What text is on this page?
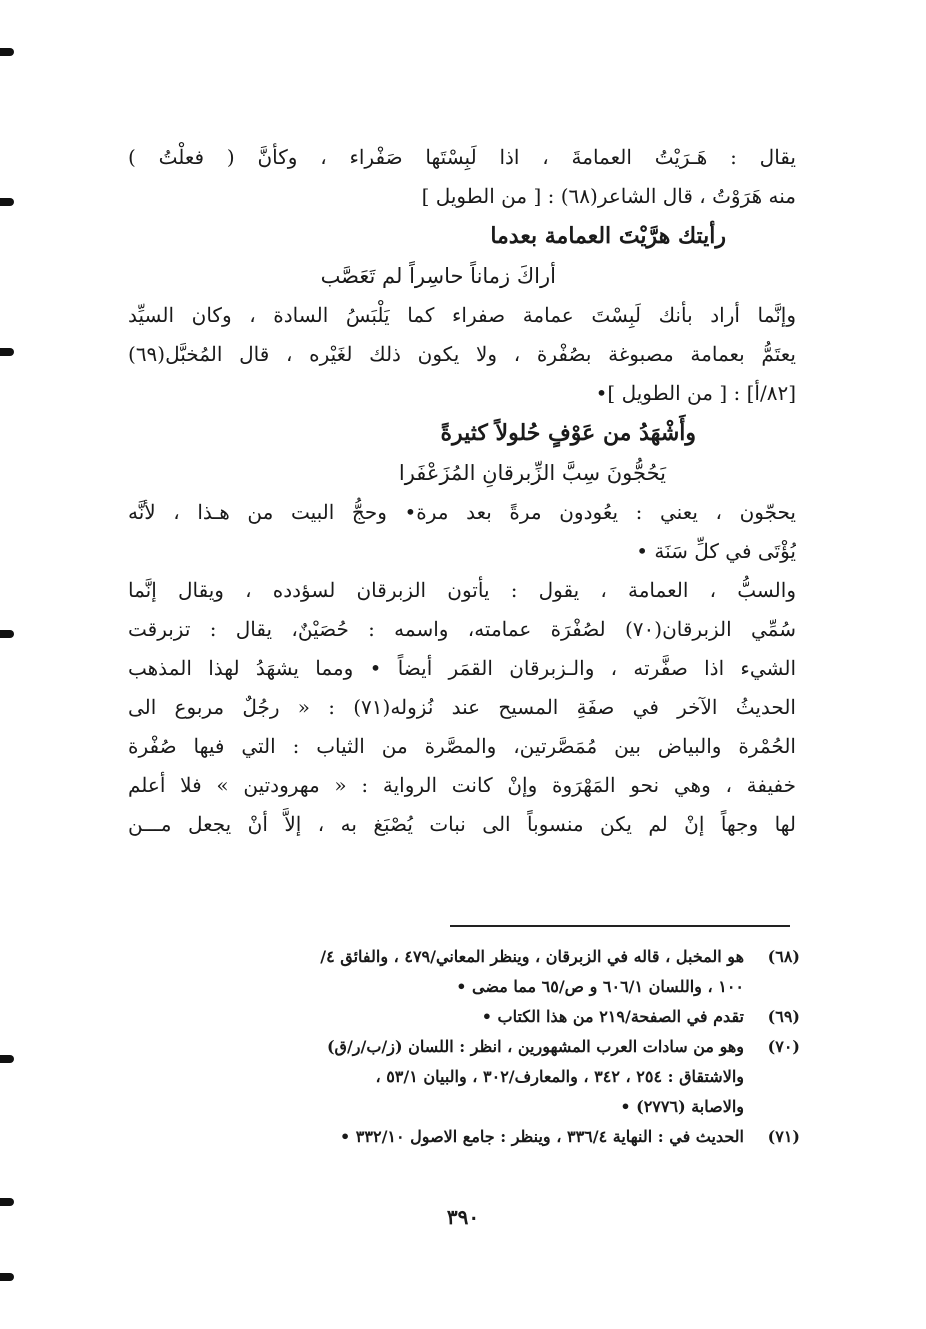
يقال : هَـرَيْتُ العمامةَ ، اذا لَبِسْتَها صَفْراء ، وكأنَّ ( فعلْتُ )
منه هَرَوْتُ ، قال الشاعر(٦٨) : [ من الطويل ]
رأيتك هرَّيْتَ العمامة بعدما
أراكَ زماناً حاسِراً لم تَعَصَّب
وإنَّما أراد بأنك لَبِسْتَ عمامة صفراء كما يَلْبَسُ السادة ، وكان السيِّد
يعتَمُّ بعمامة مصبوغة بصُفْرة ، ولا يكون ذلك لغَيْره ، قال المُخبَّل(٦٩)
[٨٢/أ] : [ من الطويل ]•
وأَشْهَدُ من عَوْفٍ حُلولاً كثيرةً
يَحُجُّونَ سِبَّ الزِّبرقانِ المُزَعْفَرا
يحجّون ، يعني : يعُودون مرةً بعد مرة• وحجُّ البيت من هـذا ، لأنَّه
يُؤْتَى في كلِّ سَنَة •
والسبُّ ، العمامة ، يقول : يأتون الزبرقان لسؤدده ، ويقال إنَّما
سُمِّي الزبرقان(٧٠) لصُفْرَة عمامته، واسمه : حُصَيْنٌ، يقال : تزبرقت
الشيء اذا صفَّرته ، والـزبرقان القمَر أيضاً • ومما يشهَدُ لهذا المذهب
الحديثُ الآخر في صفَةِ المسيح عند نُزوله(٧١) : « رجُلٌ مربوع الى
الحُمْرة والبياض بين مُمَصَّرتين، والمصَّرة من الثياب : التي فيها صُفْرة
خفيفة ، وهي نحو المَهْرَوة وإنْ كانت الرواية : « مهرودتين » فلا أعلم
لها وجهاً إنْ لم يكن منسوباً الى نبات يُصْبَغ به ، إلاَّ أنْ يجعل مـــن
(٦٨)
هو المخبل ، قاله في الزبرقان ، وينظر المعاني/٤٧٩ ، والفائق ٤/
١٠٠ ، واللسان ٦٠٦/١ و ص/٦٥ مما مضى •
(٦٩)
تقدم في الصفحة/٢١٩ من هذا الكتاب •
(٧٠)
وهو من سادات العرب المشهورين ، انظر : اللسان (ز/ب/ر/ق)
والاشتقاق : ٢٥٤ ، ٣٤٢ ، والمعارف/٣٠٢ ، والبيان ٥٣/١ ،
والاصابة (٢٧٧٦) •
(٧١)
الحديث في : النهاية ٣٣٦/٤ ، وينظر : جامع الاصول ٣٣٢/١٠ •
٣٩٠
